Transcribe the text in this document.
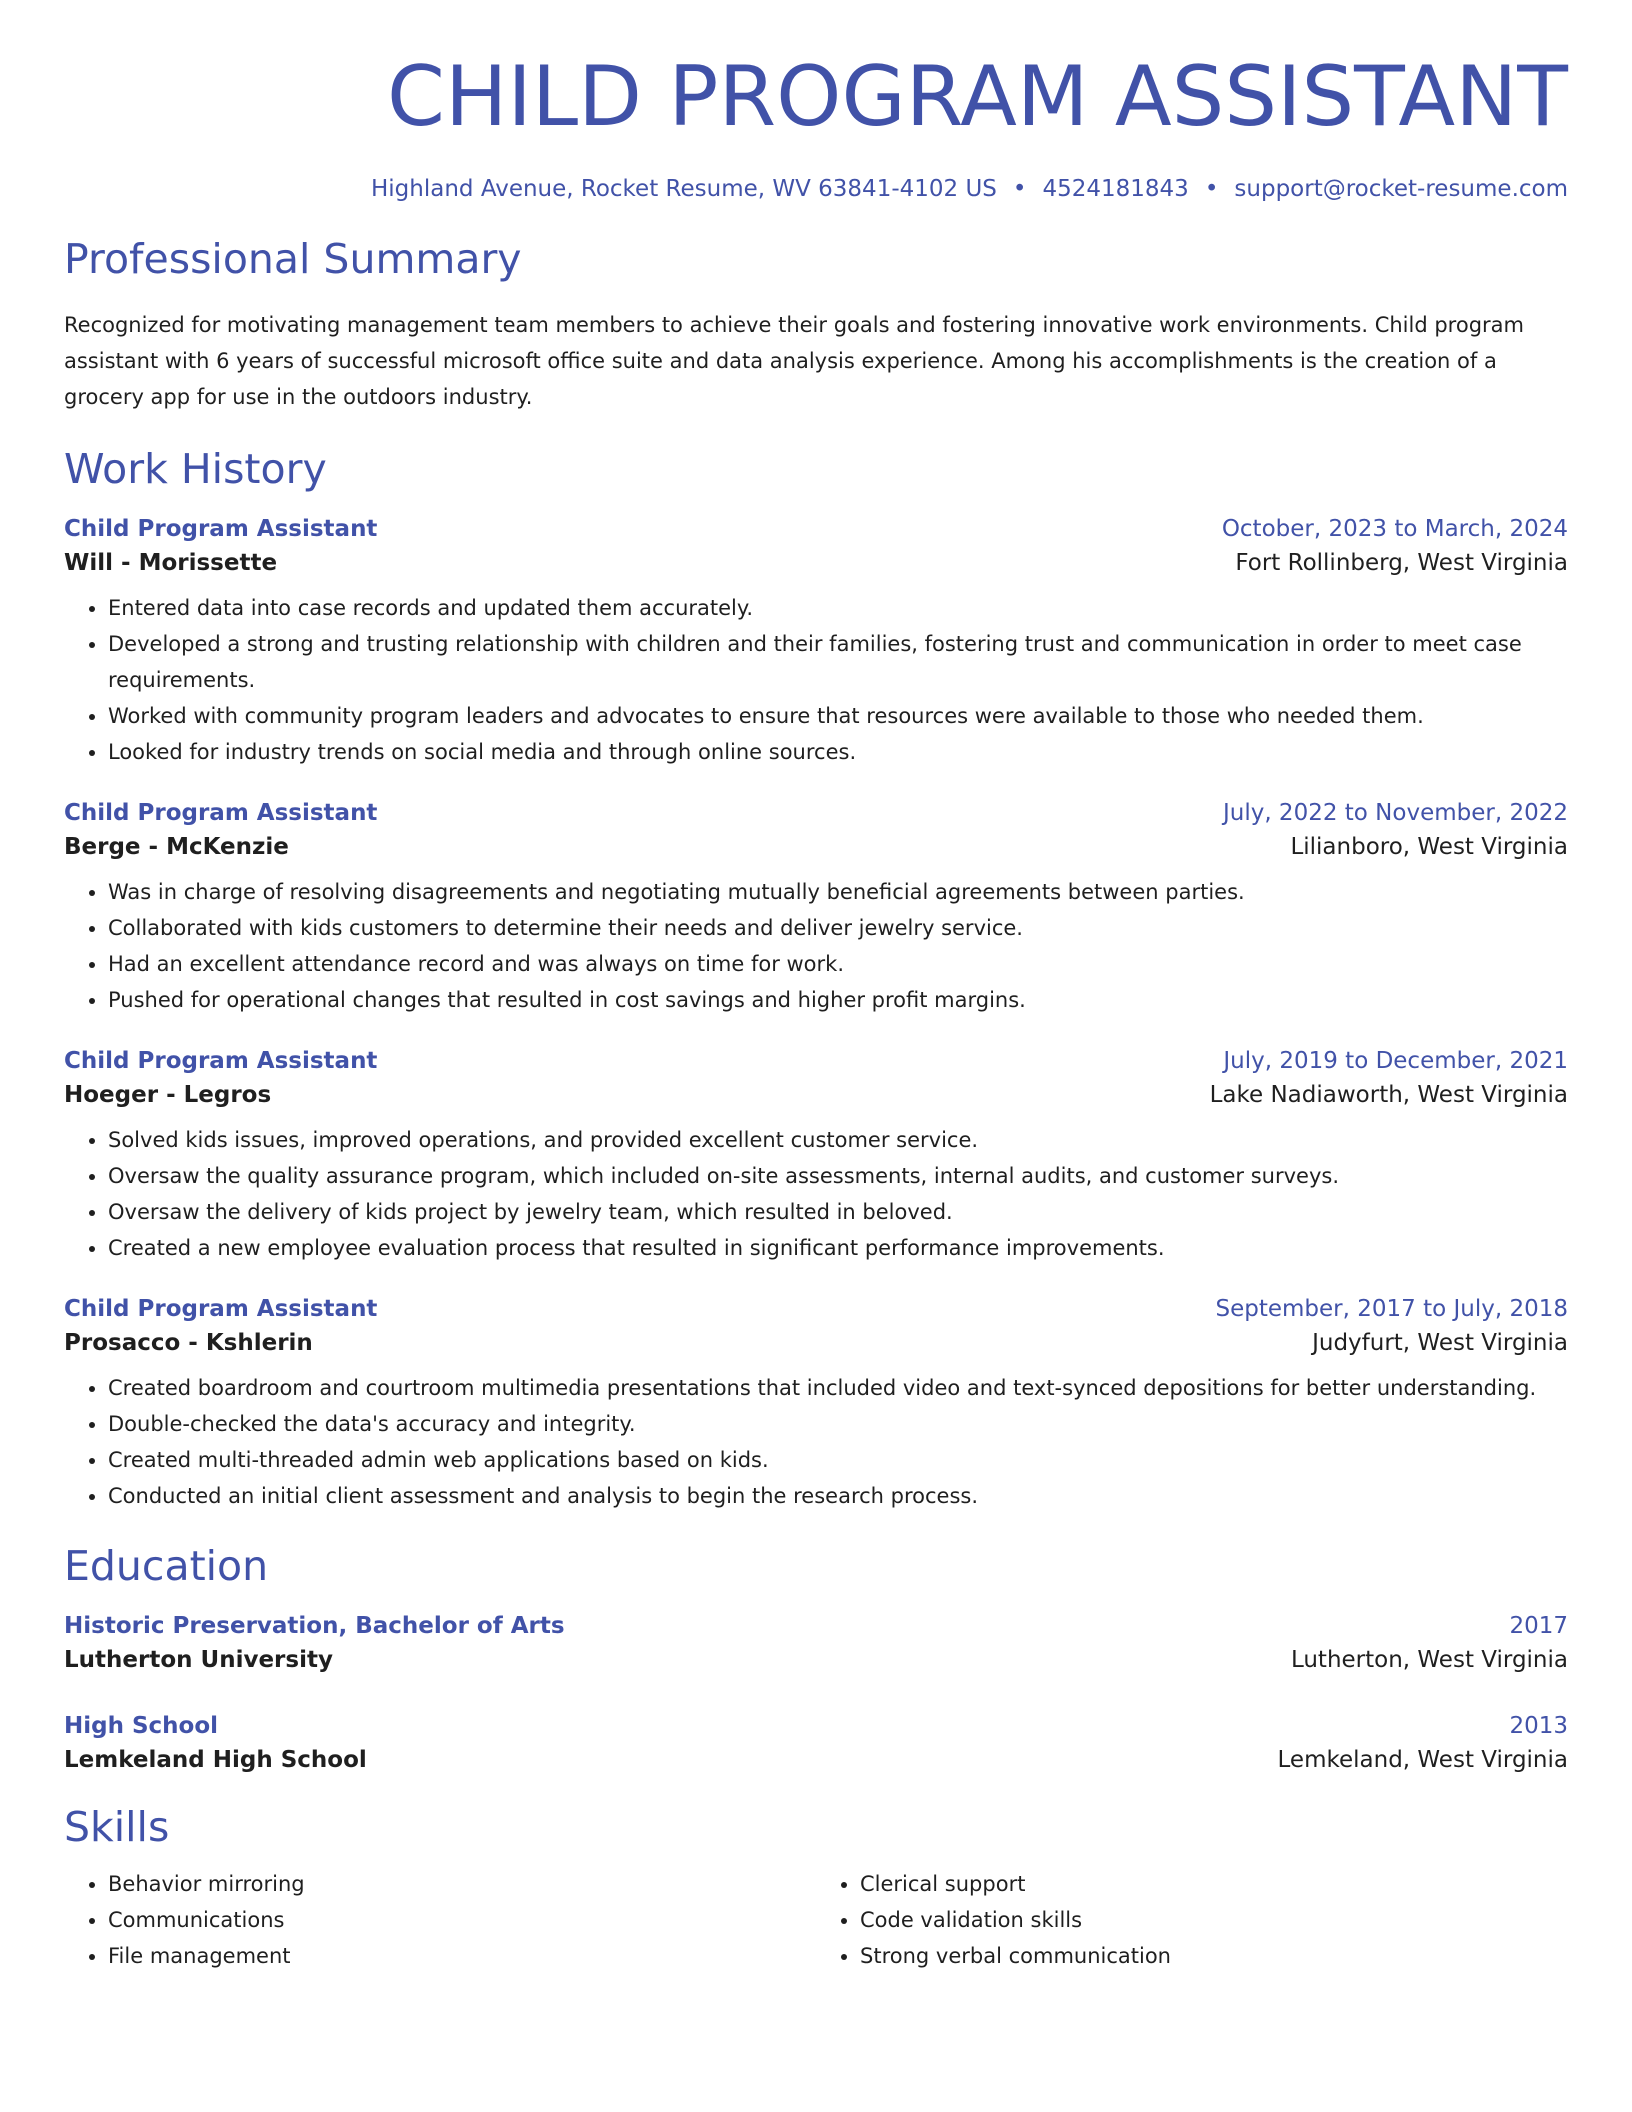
CHILD PROGRAM ASSISTANT
Highland Avenue, Rocket Resume, WV 63841-4102 US • 4524181843 • support@rocket-resume.com
Professional Summary
Recognized for motivating management team members to achieve their goals and fostering innovative work environments. Child program assistant with 6 years of successful microsoft office suite and data analysis experience. Among his accomplishments is the creation of a grocery app for use in the outdoors industry.
Work History
Child Program Assistant	October, 2023 to March, 2024
Will - Morissette	Fort Rollinberg, West Virginia
• Entered data into case records and updated them accurately.
• Developed a strong and trusting relationship with children and their families, fostering trust and communication in order to meet case requirements.
• Worked with community program leaders and advocates to ensure that resources were available to those who needed them.
• Looked for industry trends on social media and through online sources.
Child Program Assistant	July, 2022 to November, 2022
Berge - McKenzie	Lilianboro, West Virginia
• Was in charge of resolving disagreements and negotiating mutually beneficial agreements between parties.
• Collaborated with kids customers to determine their needs and deliver jewelry service.
• Had an excellent attendance record and was always on time for work.
• Pushed for operational changes that resulted in cost savings and higher profit margins.
Child Program Assistant	July, 2019 to December, 2021
Hoeger - Legros	Lake Nadiaworth, West Virginia
• Solved kids issues, improved operations, and provided excellent customer service.
• Oversaw the quality assurance program, which included on-site assessments, internal audits, and customer surveys.
• Oversaw the delivery of kids project by jewelry team, which resulted in beloved.
• Created a new employee evaluation process that resulted in significant performance improvements.
Child Program Assistant	September, 2017 to July, 2018
Prosacco - Kshlerin	Judyfurt, West Virginia
• Created boardroom and courtroom multimedia presentations that included video and text-synced depositions for better understanding.
• Double-checked the data's accuracy and integrity.
• Created multi-threaded admin web applications based on kids.
• Conducted an initial client assessment and analysis to begin the research process.
Education
Historic Preservation, Bachelor of Arts	2017
Lutherton University	Lutherton, West Virginia
High School	2013
Lemkeland High School	Lemkeland, West Virginia
Skills
• Behavior mirroring
• Communications
• File management
• Clerical support
• Code validation skills
• Strong verbal communication
